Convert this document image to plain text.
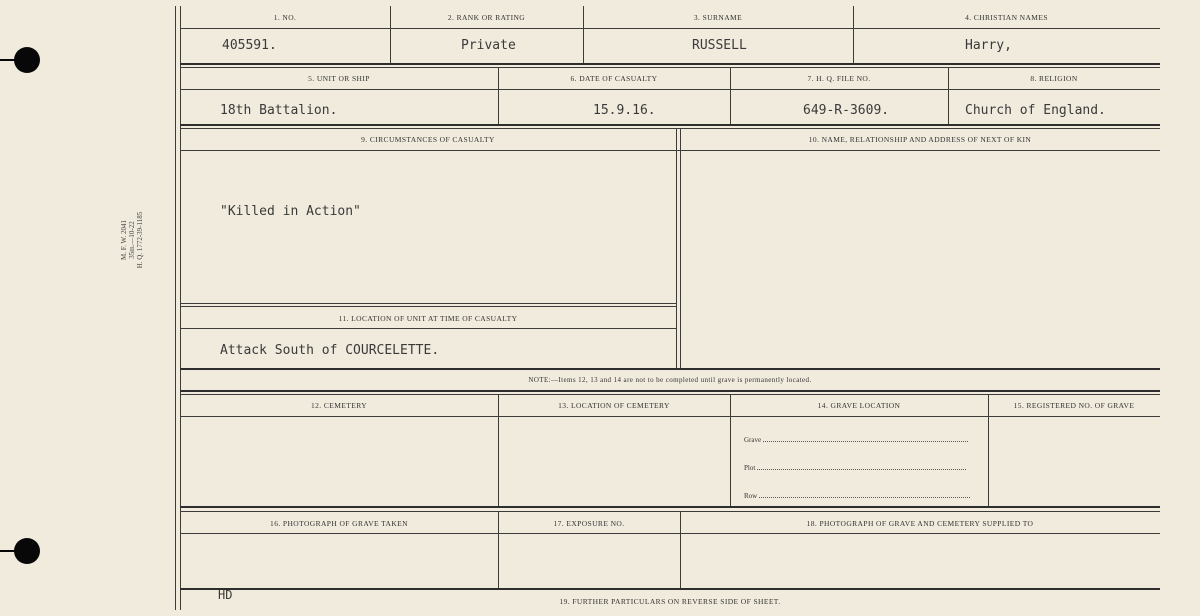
M. F. W. 2041 35m.—10-22 H. Q. 1772-39-1185
1. NO.	2. RANK OR RATING	3. SURNAME	4. CHRISTIAN NAMES
405591.	Private	RUSSELL	Harry,
5. UNIT OR SHIP	6. DATE OF CASUALTY	7. H. Q. FILE NO.	8. RELIGION
18th Battalion.	15.9.16.	649-R-3609.	Church of England.
9. CIRCUMSTANCES OF CASUALTY	10. NAME, RELATIONSHIP AND ADDRESS OF NEXT OF KIN
"Killed in Action"
11. LOCATION OF UNIT AT TIME OF CASUALTY
Attack South of COURCELETTE.
NOTE:—Items 12, 13 and 14 are not to be completed until grave is permanently located.
12. CEMETERY	13. LOCATION OF CEMETERY	14. GRAVE LOCATION	15. REGISTERED NO. OF GRAVE
Grave
Plot
Row
16. PHOTOGRAPH OF GRAVE TAKEN	17. EXPOSURE NO.	18. PHOTOGRAPH OF GRAVE AND CEMETERY SUPPLIED TO
HD	19. FURTHER PARTICULARS ON REVERSE SIDE OF SHEET.
